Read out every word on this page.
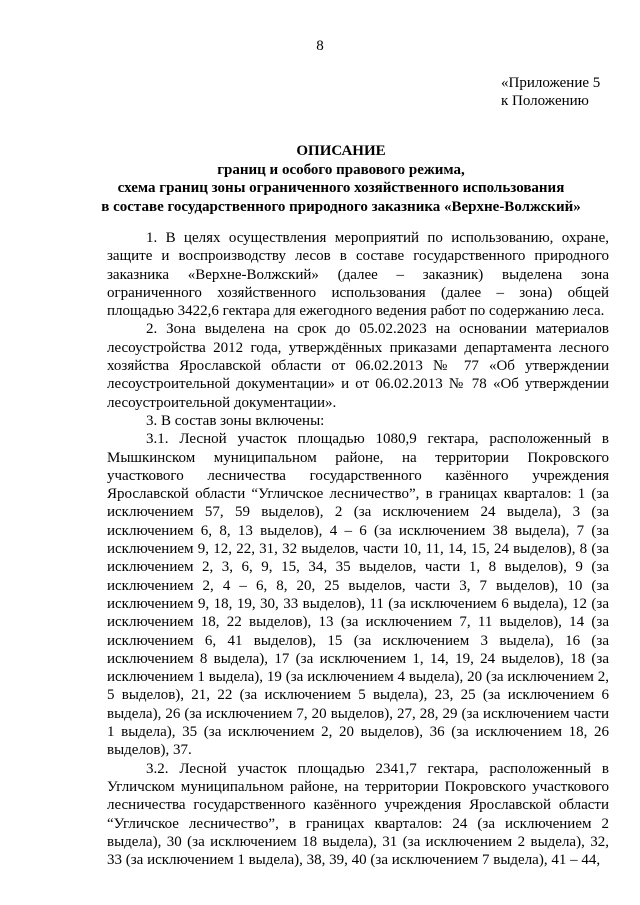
8
«Приложение 5
к Положению
ОПИСАНИЕ
границ и особого правового режима,
схема границ зоны ограниченного хозяйственного использования
в составе государственного природного заказника «Верхне-Волжский»

1. В целях осуществления мероприятий по использованию, охране, защите и воспроизводству лесов в составе государственного природного заказника «Верхне-Волжский» (далее – заказник) выделена зона ограниченного хозяйственного использования (далее – зона) общей площадью 3422,6 гектара для ежегодного ведения работ по содержанию леса.

2. Зона выделена на срок до 05.02.2023 на основании материалов лесоустройства 2012 года, утверждённых приказами департамента лесного хозяйства Ярославской области от 06.02.2013 № 77 «Об утверждении лесоустроительной документации» и от 06.02.2013 № 78 «Об утверждении лесоустроительной документации».

3. В состав зоны включены:

3.1. Лесной участок площадью 1080,9 гектара, расположенный в Мышкинском муниципальном районе, на территории Покровского участкового лесничества государственного казённого учреждения Ярославской области “Угличское лесничество”, в границах кварталов: 1 (за исключением 57, 59 выделов), 2 (за исключением 24 выдела), 3 (за исключением 6, 8, 13 выделов), 4 – 6 (за исключением 38 выдела), 7 (за исключением 9, 12, 22, 31, 32 выделов, части 10, 11, 14, 15, 24 выделов), 8 (за исключением 2, 3, 6, 9, 15, 34, 35 выделов, части 1, 8 выделов), 9 (за исключением 2, 4 – 6, 8, 20, 25 выделов, части 3, 7 выделов), 10 (за исключением 9, 18, 19, 30, 33 выделов), 11 (за исключением 6 выдела), 12 (за исключением 18, 22 выделов), 13 (за исключением 7, 11 выделов), 14 (за исключением 6, 41 выделов), 15 (за исключением 3 выдела), 16 (за исключением 8 выдела), 17 (за исключением 1, 14, 19, 24 выделов), 18 (за исключением 1 выдела), 19 (за исключением 4 выдела), 20 (за исключением 2, 5 выделов), 21, 22 (за исключением 5 выдела), 23, 25 (за исключением 6 выдела), 26 (за исключением 7, 20 выделов), 27, 28, 29 (за исключением части 1 выдела), 35 (за исключением 2, 20 выделов), 36 (за исключением 18, 26 выделов), 37.

3.2. Лесной участок площадью 2341,7 гектара, расположенный в Угличском муниципальном районе, на территории Покровского участкового лесничества государственного казённого учреждения Ярославской области “Угличское лесничество”, в границах кварталов: 24 (за исключением 2 выдела), 30 (за исключением 18 выдела), 31 (за исключением 2 выдела), 32, 33 (за исключением 1 выдела), 38, 39, 40 (за исключением 7 выдела), 41 – 44,
